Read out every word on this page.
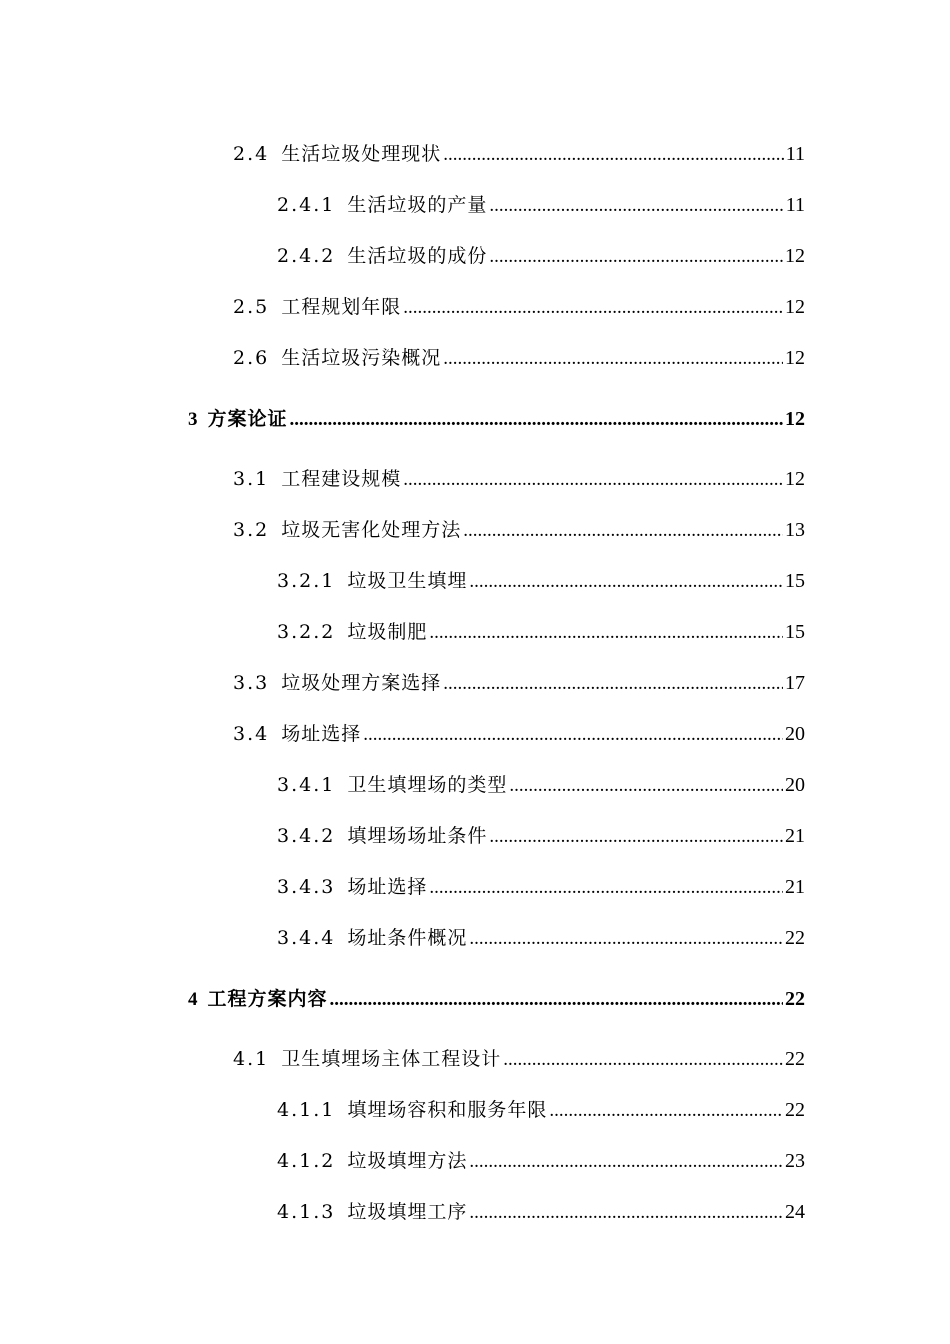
2.4 生活垃圾处理现状 .....	11
2.4.1 生活垃圾的产量 .....	11
2.4.2 生活垃圾的成份 .....	12
2.5 工程规划年限 .....	12
2.6 生活垃圾污染概况 .....	12
3 方案论证 .....	12
3.1 工程建设规模 .....	12
3.2 垃圾无害化处理方法 .....	13
3.2.1 垃圾卫生填埋 .....	15
3.2.2 垃圾制肥 .....	15
3.3 垃圾处理方案选择 .....	17
3.4 场址选择 .....	20
3.4.1 卫生填埋场的类型 .....	20
3.4.2 填埋场场址条件 .....	21
3.4.3 场址选择 .....	21
3.4.4 场址条件概况 .....	22
4 工程方案内容 .....	22
4.1 卫生填埋场主体工程设计 .....	22
4.1.1 填埋场容积和服务年限 .....	22
4.1.2 垃圾填埋方法 .....	23
4.1.3 垃圾填埋工序 .....	24
